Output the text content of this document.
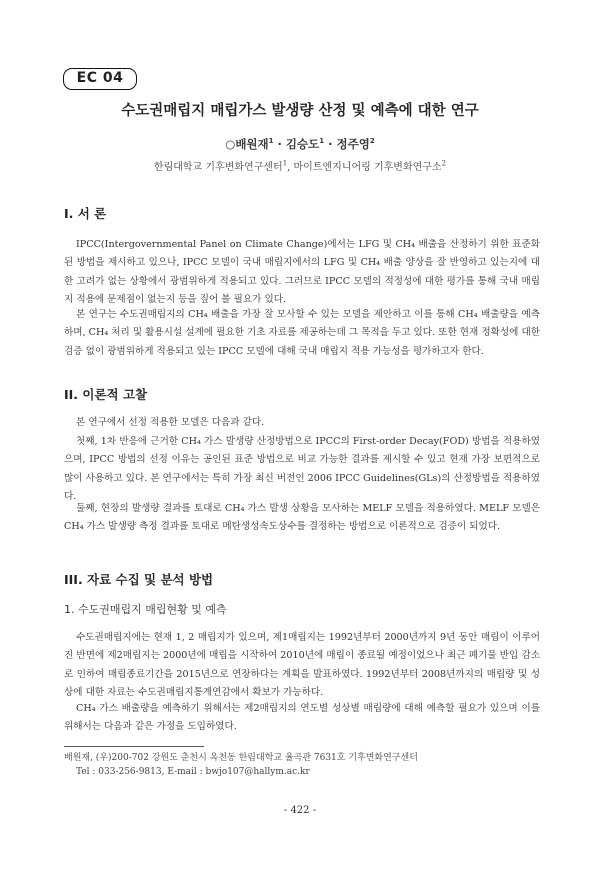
EC 04
수도권매립지 매립가스 발생량 산정 및 예측에 대한 연구
○배원재$^1$ · 김승도$^1$ · 정주영$^2$
한림대학교 기후변화연구센터$^1$, 마이트엔지니어링 기후변화연구소$^2$
I. 서 론
IPCC(Intergovernmental Panel on Climate Change)에서는 LFG 및 CH₄ 배출을 산정하기 위한 표준화된 방법을 제시하고 있으나, IPCC 모델이 국내 매립지에서의 LFG 및 CH₄ 배출 양상을 잘 반영하고 있는지에 대한 고려가 없는 상황에서 광범위하게 적용되고 있다. 그러므로 IPCC 모델의 적정성에 대한 평가를 통해 국내 매립지 적용에 문제점이 없는지 등을 짚어 볼 필요가 있다.
본 연구는 수도권매립지의 CH₄ 배출을 가장 잘 모사할 수 있는 모델을 제안하고 이를 통해 CH₄ 배출량을 예측하며, CH₄ 처리 및 활용시설 설계에 필요한 기초 자료를 제공하는데 그 목적을 두고 있다. 또한 현재 정확성에 대한 검증 없이 광범위하게 적용되고 있는 IPCC 모델에 대해 국내 매립지 적용 가능성을 평가하고자 한다.
II. 이론적 고찰
본 연구에서 선정 적용한 모델은 다음과 같다.
첫째, 1차 반응에 근거한 CH₄ 가스 발생량 산정방법으로 IPCC의 First-order Decay(FOD) 방법을 적용하였으며, IPCC 방법의 선정 이유는 공인된 표준 방법으로 비교 가능한 결과를 제시할 수 있고 현재 가장 보편적으로 많이 사용하고 있다. 본 연구에서는 특히 가장 최신 버전인 2006 IPCC Guidelines(GLs)의 산정방법을 적용하였다.
둘째, 현장의 발생량 결과를 토대로 CH₄ 가스 발생 상황을 모사하는 MELF 모델을 적용하였다. MELF 모델은 CH₄ 가스 발생량 측정 결과를 토대로 메탄생성속도상수를 결정하는 방법으로 이론적으로 검증이 되었다.
III. 자료 수집 및 분석 방법
1. 수도권매립지 매립현황 및 예측
수도권매립지에는 현재 1, 2 매립지가 있으며, 제1매립지는 1992년부터 2000년까지 9년 동안 매립이 이루어진 반면에 제2매립지는 2000년에 매립을 시작하여 2010년에 매립이 종료될 예정이었으나 최근 폐기물 반입 감소로 인하여 매립종료기간을 2015년으로 연장하다는 계획을 발표하였다. 1992년부터 2008년까지의 매립량 및 성상에 대한 자료는 수도권매립지통계연감에서 확보가 가능하다.
CH₄ 가스 배출량을 예측하기 위해서는 제2매립지의 연도별 성상별 매립량에 대해 예측할 필요가 있으며 이를 위해서는 다음과 같은 가정을 도입하였다.
배원재, (우)200-702 강원도 춘천시 옥천동 한림대학교 율곡관 7631호 기후변화연구센터
Tel : 033-256-9813, E-mail : bwjo107@hallym.ac.kr
- 422 -
